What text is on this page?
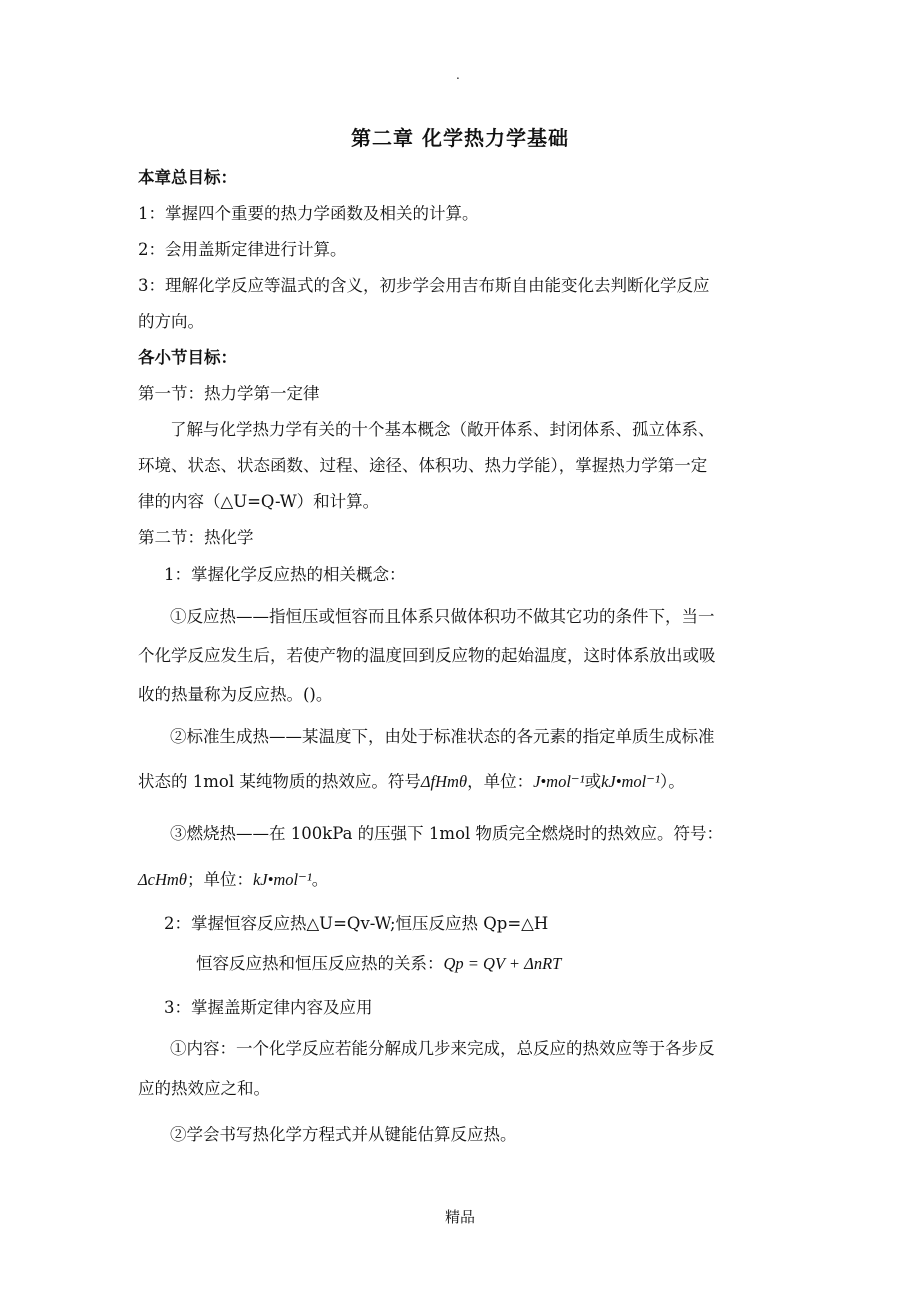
.
第二章 化学热力学基础
本章总目标：
1：掌握四个重要的热力学函数及相关的计算。
2：会用盖斯定律进行计算。
3：理解化学反应等温式的含义，初步学会用吉布斯自由能变化去判断化学反应
的方向。
各小节目标：
第一节：热力学第一定律
了解与化学热力学有关的十个基本概念（敞开体系、封闭体系、孤立体系、
环境、状态、状态函数、过程、途径、体积功、热力学能），掌握热力学第一定
律的内容（△U=Q-W）和计算。
第二节：热化学
1：掌握化学反应热的相关概念：
①反应热——指恒压或恒容而且体系只做体积功不做其它功的条件下，当一
个化学反应发生后，若使产物的温度回到反应物的起始温度，这时体系放出或吸
收的热量称为反应热。()。
②标准生成热——某温度下，由处于标准状态的各元素的指定单质生成标准
状态的 1mol 某纯物质的热效应。符号ΔfHmθ，单位：J•mol⁻¹或kJ•mol⁻¹）。
③燃烧热——在 100kPa 的压强下 1mol 物质完全燃烧时的热效应。符号：
ΔcHmθ；单位：kJ•mol⁻¹。
2：掌握恒容反应热△U=Qv-W;恒压反应热 Qp=△H
恒容反应热和恒压反应热的关系：Qp = QV + ΔnRT
3：掌握盖斯定律内容及应用
①内容：一个化学反应若能分解成几步来完成，总反应的热效应等于各步反
应的热效应之和。
②学会书写热化学方程式并从键能估算反应热。
精品
